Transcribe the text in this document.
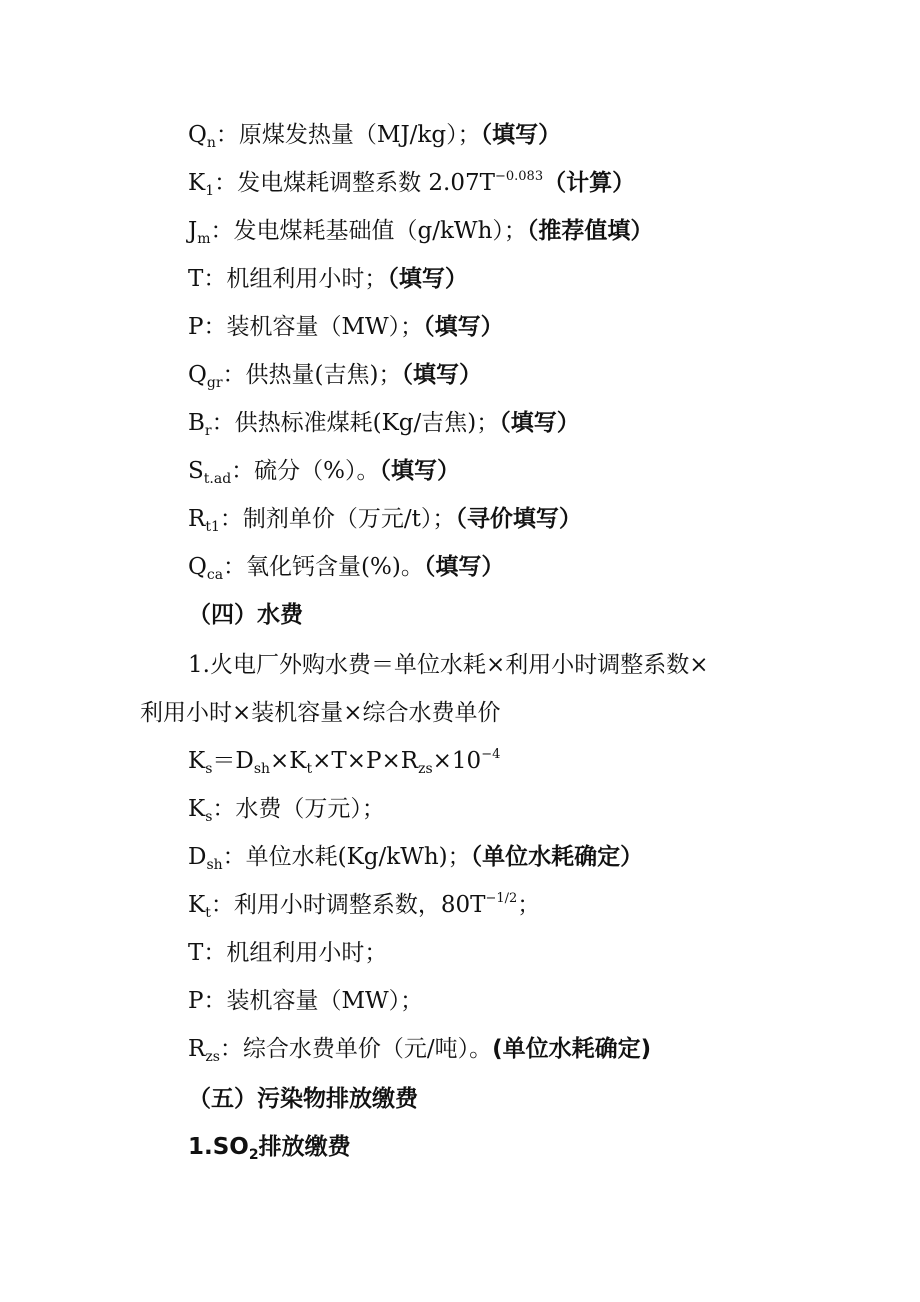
$Q_n$：原煤发热量（MJ/kg）；（填写）

$K_1$：发电煤耗调整系数 $2.07T^{-0.083}$（计算）

$J_m$：发电煤耗基础值（g/kWh）；（推荐值填）

T：机组利用小时；（填写）

P：装机容量（MW）；（填写）

$Q_{gr}$：供热量(吉焦)；（填写）

$B_r$：供热标准煤耗(Kg/吉焦)；（填写）

$S_{t.ad}$：硫分（%）。（填写）

$R_{t1}$：制剂单价（万元/t）；（寻价填写）

$Q_{ca}$：氧化钙含量(%)。（填写）

（四）水费

1.火电厂外购水费＝单位水耗×利用小时调整系数×

利用小时×装机容量×综合水费单价

$K_s=D_{sh}\times K_t\times T\times P\times R_{zs}\times 10^{-4}$

$K_s$：水费（万元）；

$D_{sh}$：单位水耗(Kg/kWh)；（单位水耗确定）

$K_t$：利用小时调整系数，$80T^{-1/2}$；

T：机组利用小时；

P：装机容量（MW）；

$R_{zs}$：综合水费单价（元/吨）。(单位水耗确定)

（五）污染物排放缴费

$1.SO_2$排放缴费
